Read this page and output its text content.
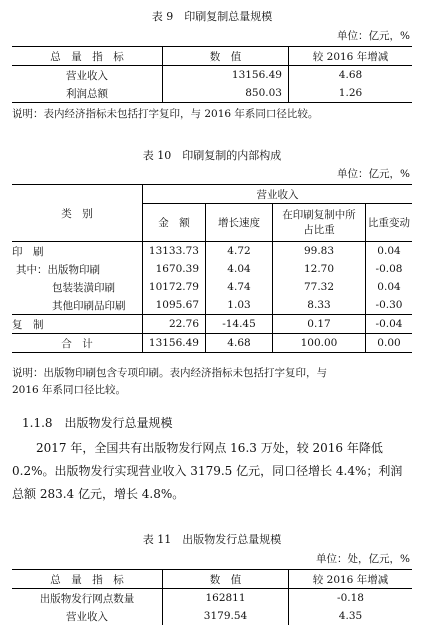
表 9　印刷复制总量规模
单位：亿元，%
总　量　指　标	数　值	较 2016 年增减
营业收入	13156.49	4.68
利润总额	850.03	1.26
说明：表内经济指标未包括打字复印，与 2016 年系同口径比较。
表 10　印刷复制的内部构成
单位：亿元，%
类　别	营业收入			
	金　额	增长速度	在印刷复制中所占比重	比重变动
印　刷	13133.73	4.72	99.83	0.04
其中：出版物印刷	1670.39	4.04	12.70	-0.08
包装装潢印刷	10172.79	4.74	77.32	0.04
其他印刷品印刷	1095.67	1.03	8.33	-0.30
复　制	22.76	-14.45	0.17	-0.04
合　计	13156.49	4.68	100.00	0.00
说明：出版物印刷包含专项印刷。表内经济指标未包括打字复印，与
2016 年系同口径比较。
1.1.8　出版物发行总量规模
2017 年，全国共有出版物发行网点 16.3 万处，较 2016 年降低 0.2%。出版物发行实现营业收入 3179.5 亿元，同口径增长 4.4%；利润总额 283.4 亿元，增长 4.8%。
表 11　出版物发行总量规模
单位：处，亿元，%
总　量　指　标	数　值	较 2016 年增减
出版物发行网点数量	162811	-0.18
营业收入	3179.54	4.35
